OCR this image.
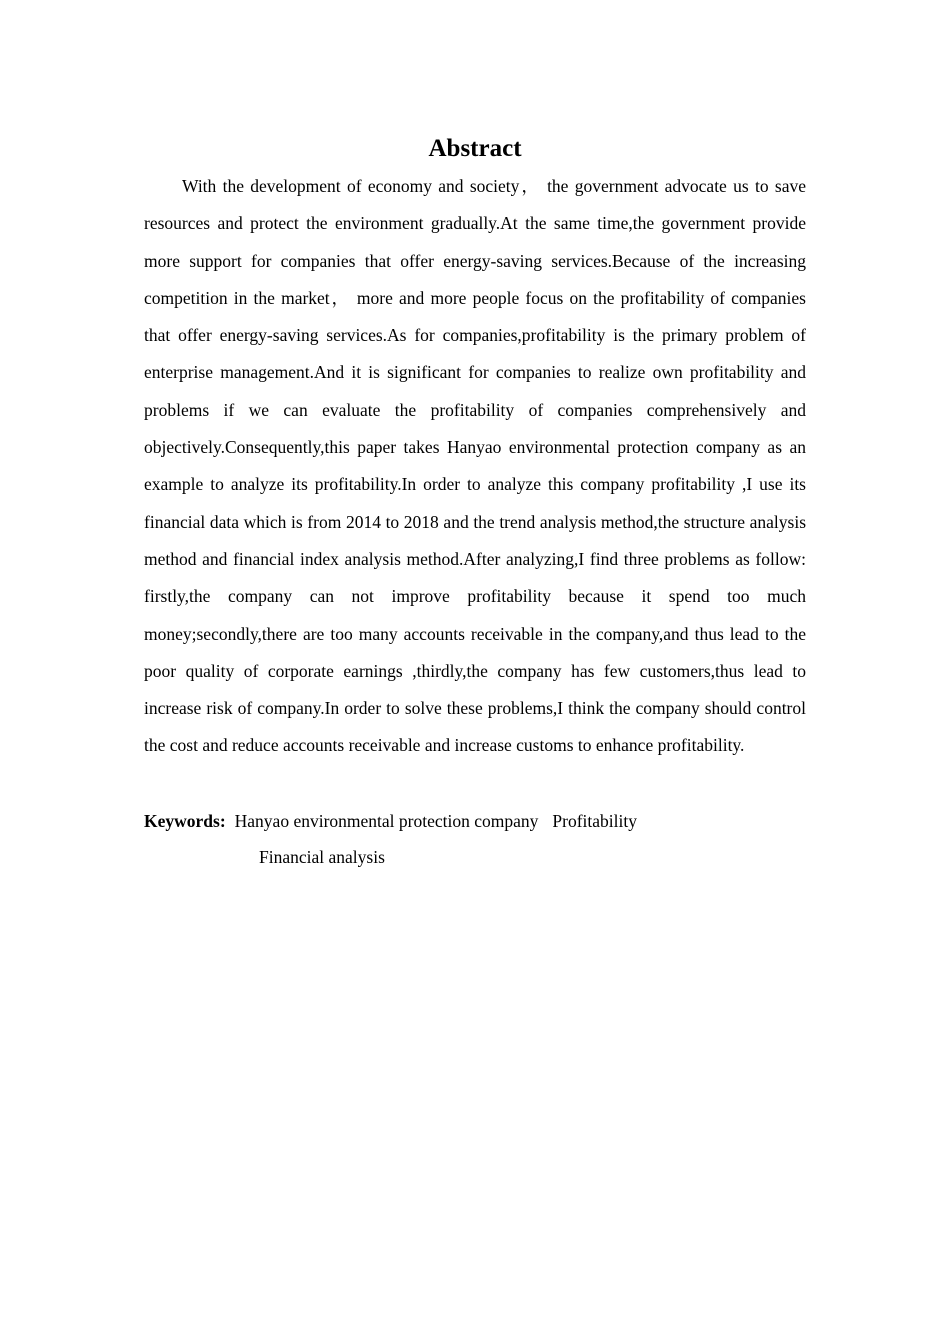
Abstract

With the development of economy and society， the government advocate us to save resources and protect the environment gradually.At the same time,the government provide more support for companies that offer energy-saving services.Because of the increasing competition in the market， more and more people focus on the profitability of companies that offer energy-saving services.As for companies,profitability is the primary problem of enterprise management.And it is significant for companies to realize own profitability and problems if we can evaluate the profitability of companies comprehensively and objectively.Consequently,this paper takes Hanyao environmental protection company as an example to analyze its profitability.In order to analyze this company profitability ,I use its financial data which is from 2014 to 2018 and the trend analysis method,the structure analysis method and financial index analysis method.After analyzing,I find three problems as follow: firstly,the company can not improve profitability because it spend too much money;secondly,there are too many accounts receivable in the company,and thus lead to the poor quality of corporate earnings ,thirdly,the company has few customers,thus lead to increase risk of company.In order to solve these problems,I think the company should control the cost and reduce accounts receivable and increase customs to enhance profitability.

Keywords: Hanyao environmental protection company Profitability
Financial analysis
